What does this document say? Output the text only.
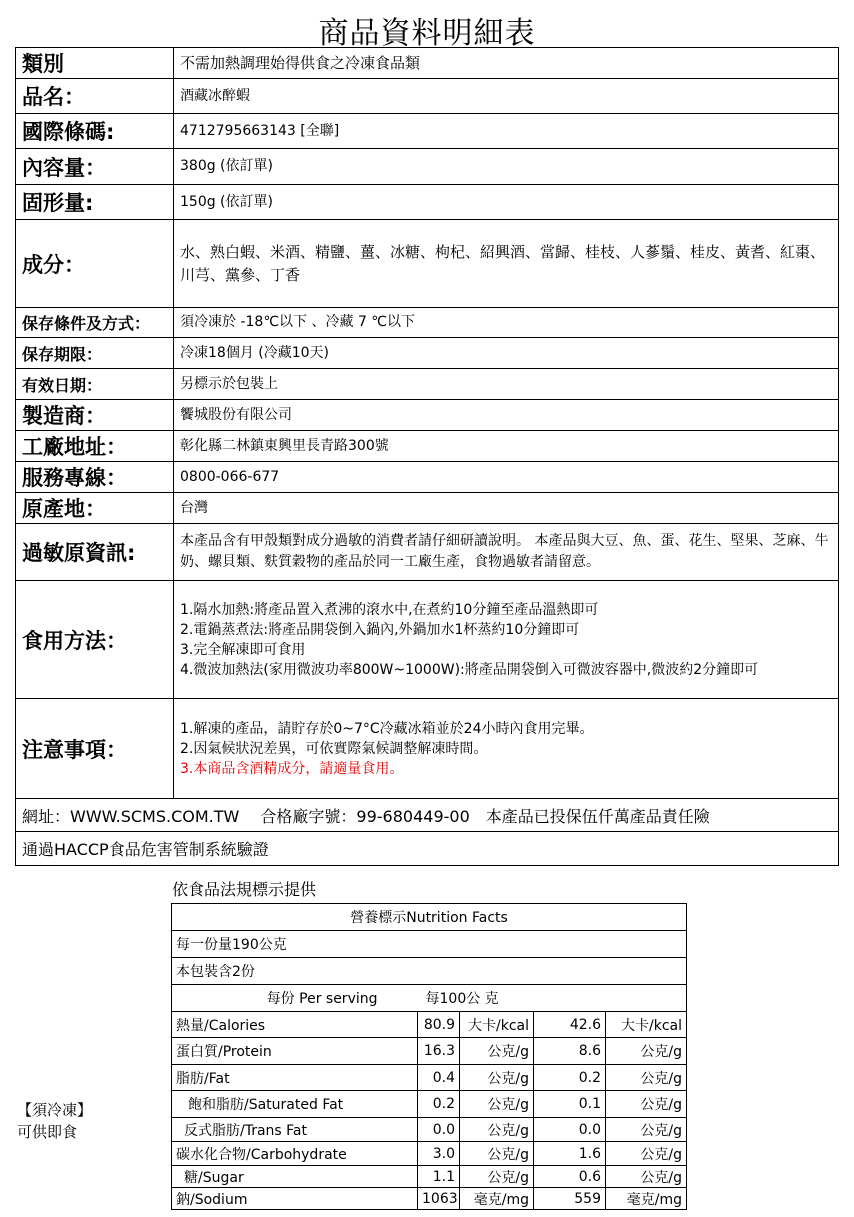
商品資料明細表
類別	不需加熱調理始得供食之冷凍食品類
品名：	酒藏冰醉蝦
國際條碼:	4712795663143 [全聯]
內容量：	380g (依訂單)
固形量:	150g (依訂單)
成分：	水、熟白蝦、米酒、精鹽、薑、冰糖、枸杞、紹興酒、當歸、桂枝、人蔘鬚、桂皮、黃耆、紅棗、川芎、黨參、丁香
保存條件及方式：	須冷凍於 -18℃以下 、冷藏 7 ℃以下
保存期限：	冷凍18個月 (冷藏10天)
有效日期：	另標示於包裝上
製造商：	饗城股份有限公司
工廠地址：	彰化縣二林鎮東興里長青路300號
服務專線：	0800-066-677
原產地：	台灣
過敏原資訊:	本產品含有甲殼類對成分過敏的消費者請仔細研讀說明。 本產品與大豆、魚、蛋、花生、堅果、芝麻、牛奶、螺貝類、麩質穀物的產品於同一工廠生產，食物過敏者請留意。
食用方法：	1.隔水加熱:將產品置入煮沸的滾水中,在煮約10分鐘至產品溫熱即可
2.電鍋蒸煮法:將產品開袋倒入鍋內,外鍋加水1杯蒸約10分鐘即可
3.完全解凍即可食用
4.微波加熱法(家用微波功率800W~1000W):將產品開袋倒入可微波容器中,微波約2分鐘即可

注意事項：	1.解凍的產品，請貯存於0~7°C冷藏冰箱並於24小時內食用完畢。
2.因氣候狀況差異，可依實際氣候調整解凍時間。
3.本商品含酒精成分，請適量食用。

網址：WWW.SCMS.COM.TW　 合格廠字號：99-680449-00　本產品已投保伍仟萬產品責任險	
通過HACCP食品危害管制系統驗證	
依食品法規標示提供
【須冷凍】
可供即食
營養標示Nutrition Facts				
每一份量190公克				
本包裝含2份				
每份 Per serving	每100公 克			
熱量/Calories	80.9	大卡/kcal	42.6	大卡/kcal
蛋白質/Protein	16.3	公克/g	8.6	公克/g
脂肪/Fat	0.4	公克/g	0.2	公克/g
飽和脂肪/Saturated Fat	0.2	公克/g	0.1	公克/g
反式脂肪/Trans Fat	0.0	公克/g	0.0	公克/g
碳水化合物/Carbohydrate	3.0	公克/g	1.6	公克/g
糖/Sugar	1.1	公克/g	0.6	公克/g
鈉/Sodium	1063	毫克/mg	559	毫克/mg
